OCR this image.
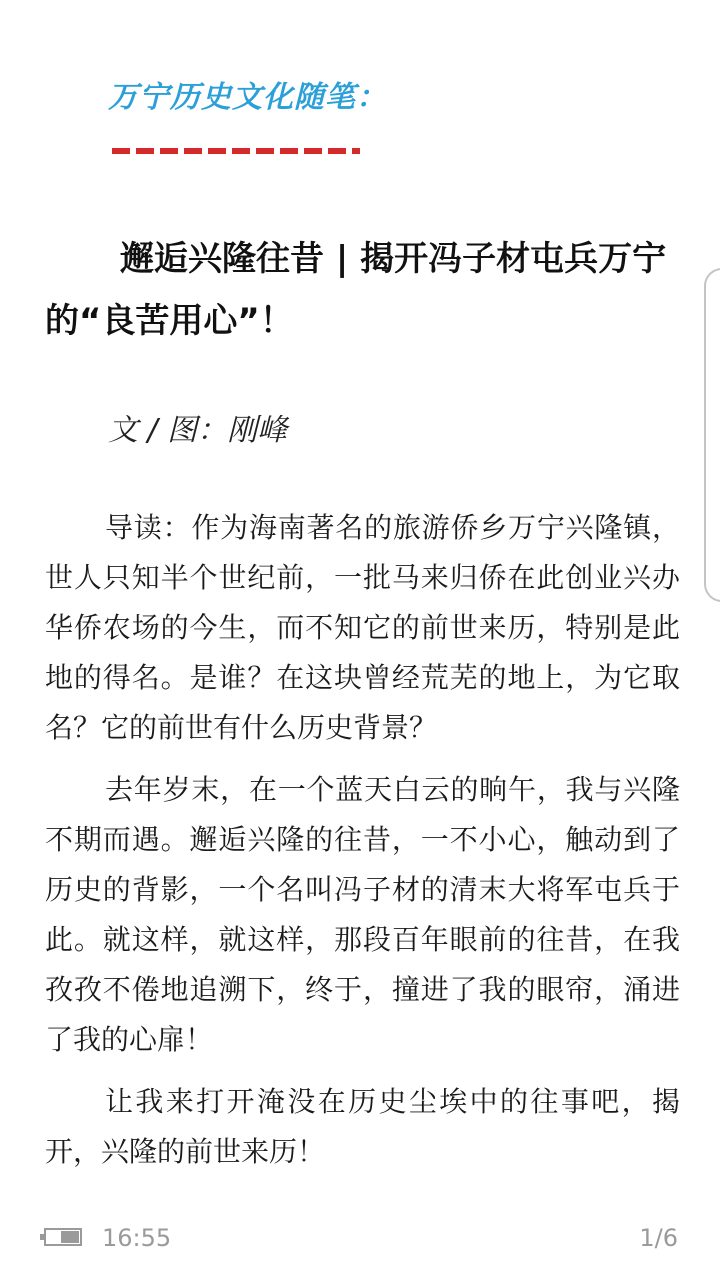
万宁历史文化随笔：
邂逅兴隆往昔 | 揭开冯子材屯兵万宁的“良苦用心”！
文 / 图：刚峰

导读：作为海南著名的旅游侨乡万宁兴隆镇，世人只知半个世纪前，一批马来归侨在此创业兴办华侨农场的今生，而不知它的前世来历，特别是此地的得名。是谁？在这块曾经荒芜的地上，为它取名？它的前世有什么历史背景？

去年岁末，在一个蓝天白云的晌午，我与兴隆不期而遇。邂逅兴隆的往昔，一不小心，触动到了历史的背影，一个名叫冯子材的清末大将军屯兵于此。就这样，就这样，那段百年眼前的往昔，在我孜孜不倦地追溯下，终于，撞进了我的眼帘，涌进了我的心扉！

让我来打开淹没在历史尘埃中的往事吧，揭开，兴隆的前世来历！

16:55	1/6
